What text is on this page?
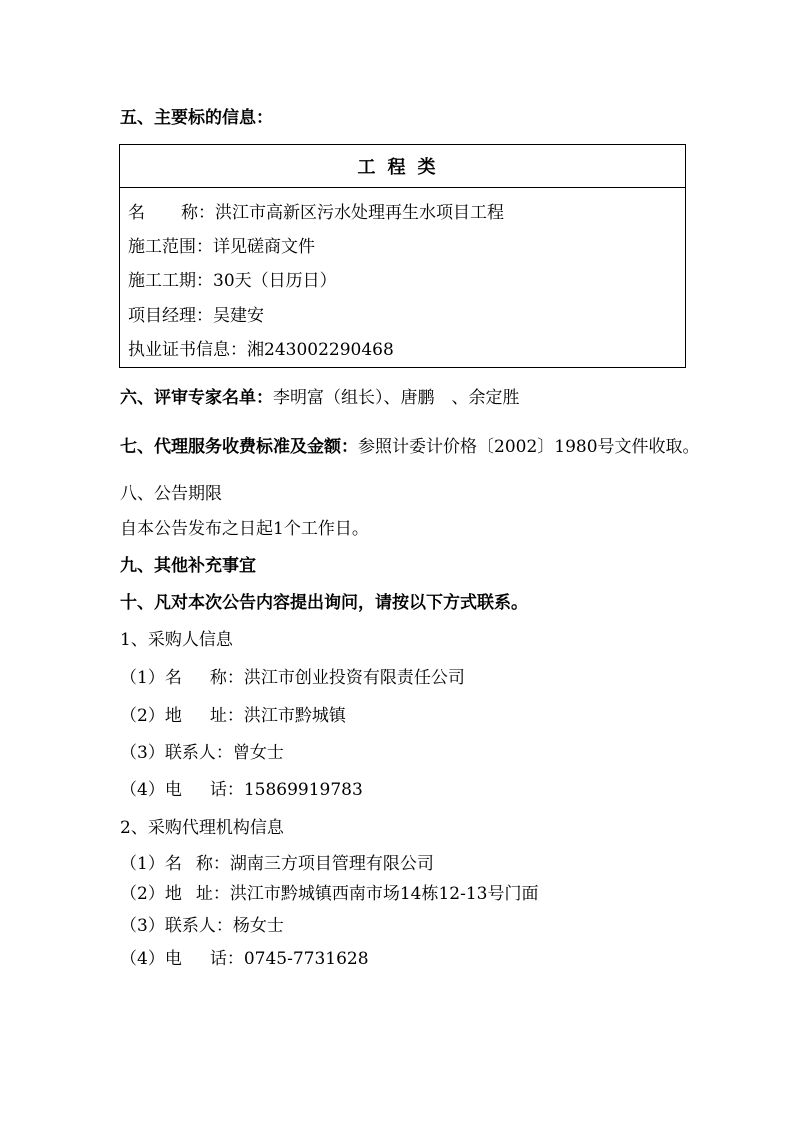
五、主要标的信息：
工程类
名 称：洪江市高新区污水处理再生水项目工程
施工范围：详见磋商文件
施工工期：30天（日历日）
项目经理：吴建安
执业证书信息：湘243002290468
六、评审专家名单：李明富（组长）、唐鹏　、余定胜
七、代理服务收费标准及金额：参照计委计价格〔2002〕1980号文件收取。
八、公告期限
自本公告发布之日起1个工作日。
九、其他补充事宜
十、凡对本次公告内容提出询问，请按以下方式联系。
1、采购人信息
（1）名 称：洪江市创业投资有限责任公司
（2）地 址：洪江市黔城镇
（3）联系人：曾女士
（4）电 话：15869919783
2、采购代理机构信息
（1）名 称：湖南三方项目管理有限公司
（2）地 址：洪江市黔城镇西南市场14栋12-13号门面
（3）联系人：杨女士
（4）电 话：0745-7731628
